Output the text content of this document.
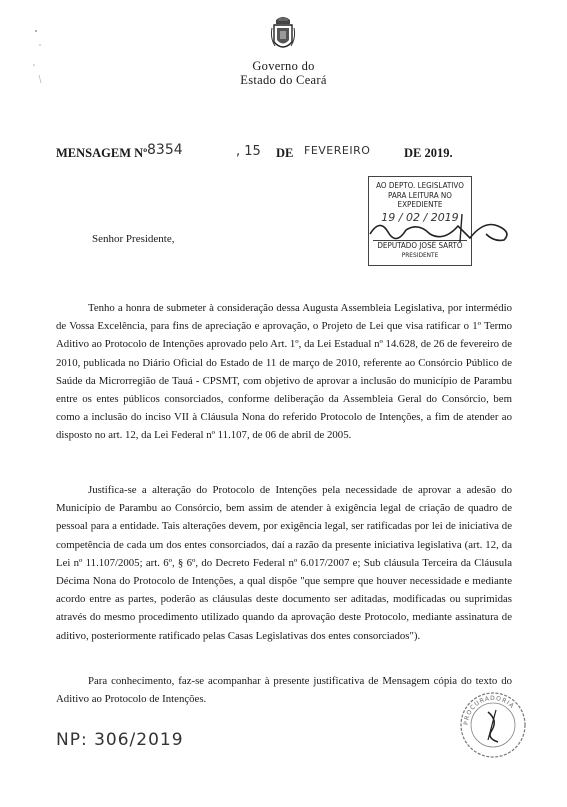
Governo do
Estado do Ceará
MENSAGEM Nº 8354	, 15 DE FEVEREIRO	DE 2019.
AO DEPTO. LEGISLATIVO
PARA LEITURA NO EXPEDIENTE
19 / 02 / 2019
DEPUTADO JOSÉ SARTO
PRESIDENTE
Senhor Presidente,
Tenho a honra de submeter à consideração dessa Augusta Assembleia Legislativa, por intermédio de Vossa Excelência, para fins de apreciação e aprovação, o Projeto de Lei que visa ratificar o 1º Termo Aditivo ao Protocolo de Intenções aprovado pelo Art. 1º, da Lei Estadual nº 14.628, de 26 de fevereiro de 2010, publicada no Diário Oficial do Estado de 11 de março de 2010, referente ao Consórcio Público de Saúde da Microrregião de Tauá - CPSMT, com objetivo de aprovar a inclusão do município de Parambu entre os entes públicos consorciados, conforme deliberação da Assembleia Geral do Consórcio, bem como a inclusão do inciso VII à Cláusula Nona do referido Protocolo de Intenções, a fim de atender ao disposto no art. 12, da Lei Federal nº 11.107, de 06 de abril de 2005.
Justifica-se a alteração do Protocolo de Intenções pela necessidade de aprovar a adesão do Município de Parambu ao Consórcio, bem assim de atender à exigência legal de criação de quadro de pessoal para a entidade. Tais alterações devem, por exigência legal, ser ratificadas por lei de iniciativa de competência de cada um dos entes consorciados, daí a razão da presente iniciativa legislativa (art. 12, da Lei nº 11.107/2005; art. 6º, § 6º, do Decreto Federal nº 6.017/2007 e; Sub cláusula Terceira da Cláusula Décima Nona do Protocolo de Intenções, a qual dispõe "que sempre que houver necessidade e mediante acordo entre as partes, poderão as cláusulas deste documento ser aditadas, modificadas ou suprimidas através do mesmo procedimento utilizado quando da aprovação deste Protocolo, mediante assinatura de aditivo, posteriormente ratificado pelas Casas Legislativas dos entes consorciados").
Para conhecimento, faz-se acompanhar à presente justificativa de Mensagem cópia do texto do Aditivo ao Protocolo de Intenções.
NP: 306/2019
PROCURADORIA
